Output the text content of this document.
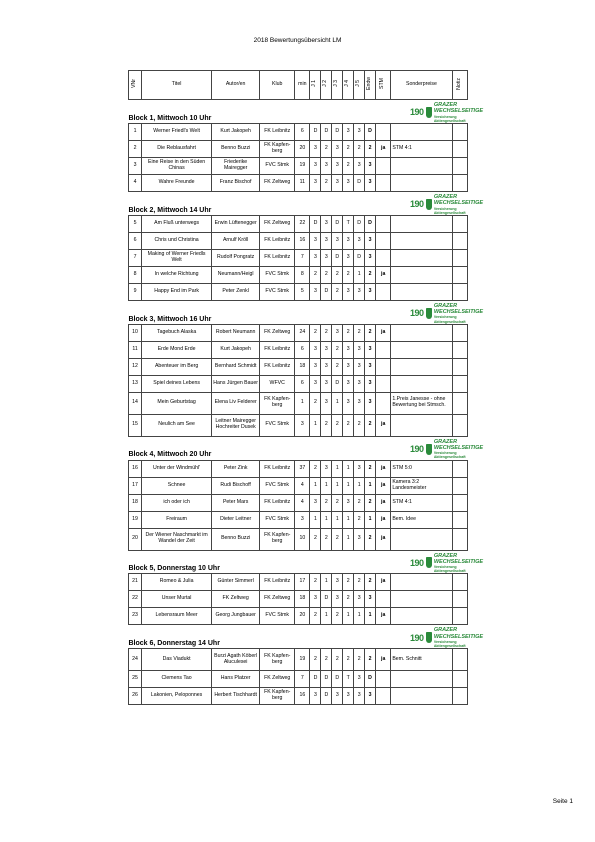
2018 Bewertungsübersicht LM
VNr	Titel	Autor/en	Klub	min	J 1	J 2	J 3	J 4	J 5	Endw	STM	Sonderpreise	Notiz
Block 1, Mittwoch 10 Uhr					190
GRAZER WECHSELSEITIGE
Versicherung Aktiengesellschaft								

1	Werner Friedl's Welt	Kurt Jakopeh	FK Leibnitz	6	D	D	D	3	3	D			
2	Die Reblausfahrt	Benno Buzzi	FK Kapfen-berg	20	3	2	3	2	2	2	ja	STM 4:1	
3	Eine Reise in den Süden Chinas	Friederike Mairegger	FVC Stmk	19	3	3	3	2	3	3			
4	Wahre Freunde	Franz Bischof	FK Zeltweg	11	3	2	3	3	D	3			
Block 2, Mittwoch 14 Uhr					190
GRAZER WECHSELSEITIGE
Versicherung Aktiengesellschaft								

5	Am Fluß unterwegs	Erwin Lüftenegger	FK Zeltweg	22	D	3	D	T	D	D			
6	Chris und Christina	Arnulf Kröll	FK Leibnitz	16	3	3	3	3	3	3			
7	Making of Werner Friedls Welt	Rudolf Pongratz	FK Leibnitz	7	3	3	D	3	D	3			
8	In welche Richtung	Neumann/Heigl	FVC Stmk	8	2	2	2	2	1	2	ja		
9	Happy End im Park	Peter Zenkl	FVC Stmk	5	3	D	2	3	3	3			
Block 3, Mittwoch 16 Uhr					190
GRAZER WECHSELSEITIGE
Versicherung Aktiengesellschaft								

10	Tagebuch Alaska	Robert Neumann	FK Zeltweg	24	2	2	3	2	2	2	ja		
11	Erde Mond Erde	Kurt Jakopeh	FK Leibnitz	6	3	3	2	3	3	3			
12	Abenteuer im Berg	Bernhard Schmidt	FK Leibnitz	18	3	3	2	3	3	3			
13	Spiel deines Lebens	Hans Jürgen Bauer	WFVC	6	3	3	D	3	3	3			
14	Mein Geburtstag	Elena Liv Felderer	FK Kapfen-berg	1	2	3	1	3	3	3		1.Preis Janesse - ohne Bewertung bei Stmsch.	
15	Neulich am See	Leitner Mairegger Hochreiter Dusek	FVC Stmk	3	1	2	2	2	2	2	ja		
Block 4, Mittwoch 20 Uhr					190
GRAZER WECHSELSEITIGE
Versicherung Aktiengesellschaft								

16	Unter der Windmühl'	Peter Zink	FK Leibnitz	37	2	3	1	1	3	2	ja	STM 5:0	
17	Schnee	Rudi Bischoff	FVC Stmk	4	1	1	1	1	1	1	ja	Kamera 3:2 Landesmeister	
18	ich oder ich	Peter Mars	FK Leibnitz	4	3	2	2	3	2	2	ja	STM 4:1	
19	Freiraum	Dieter Leitner	FVC Stmk	3	1	1	1	1	2	1	ja	Bem. Idee	
20	Der Wiener Naschmarkt im Wandel der Zeit	Benno Buzzi	FK Kapfen-berg	10	2	2	2	1	3	2	ja		
Block 5, Donnerstag 10 Uhr					190
GRAZER WECHSELSEITIGE
Versicherung Aktiengesellschaft								

21	Romeo & Julia	Günter Simmerl	FK Leibnitz	17	2	1	3	2	2	2	ja		
22	Unser Murtal	FK Zeltweg	FK Zeltweg	18	3	D	3	2	3	3			
23	Lebensraum Meer	Georg Jungbauer	FVC Stmk	20	2	1	2	1	1	1	ja		
Block 6, Donnerstag 14 Uhr					190
GRAZER WECHSELSEITIGE
Versicherung Aktiengesellschaft								

24	Das Viadukt	Burzi Agath Köberl Aluculesei	FK Kapfen-berg	19	2	2	2	2	2	2	ja	Bem. Schnitt	
25	Clemens Tao	Hans Platzer	FK Zeltweg	7	D	D	D	T	3	D			
26	Lakonien, Peloponnes	Herbert Tischhardt	FK Kapfen-berg	16	3	D	3	3	3	3			
Seite 1
